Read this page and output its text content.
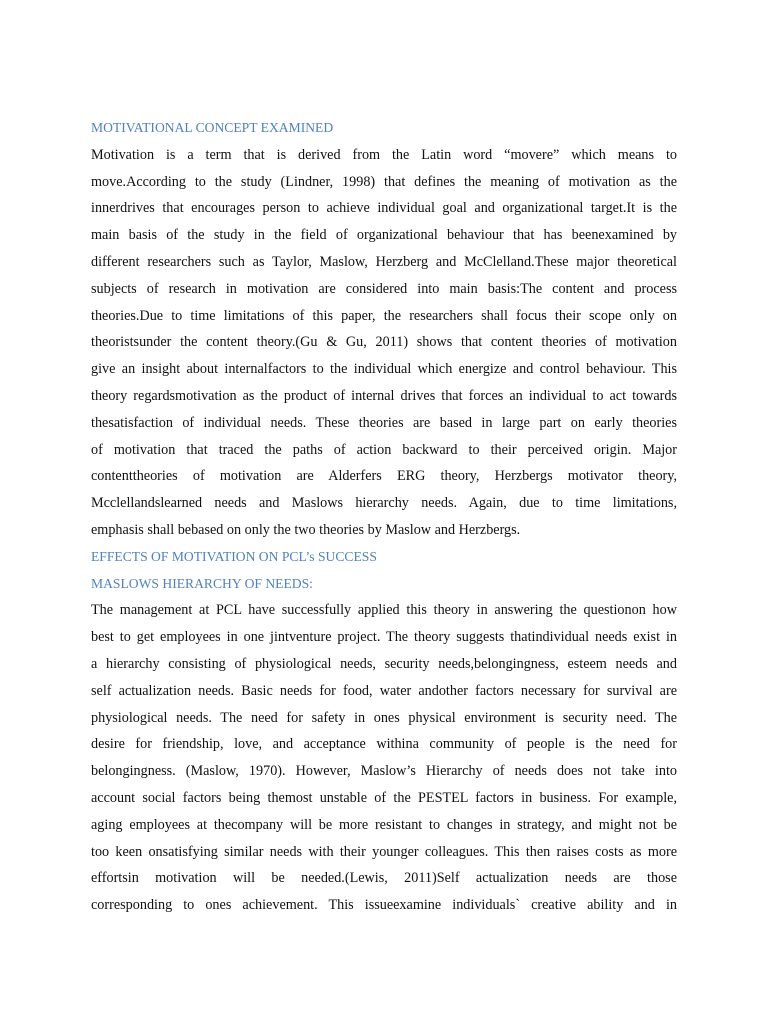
MOTIVATIONAL CONCEPT EXAMINED
Motivation is a term that is derived from the Latin word “movere” which means to
move.According to the study (Lindner, 1998) that defines the meaning of motivation as the
innerdrives that encourages person to achieve individual goal and organizational target.It is the
main basis of the study in the field of organizational behaviour that has beenexamined by
different researchers such as Taylor, Maslow, Herzberg and McClelland.These major theoretical
subjects of research in motivation are considered into main basis:The content and process
theories.Due to time limitations of this paper, the researchers shall focus their scope only on
theoristsunder the content theory.(Gu & Gu, 2011) shows that content theories of motivation
give an insight about internalfactors to the individual which energize and control behaviour. This
theory regardsmotivation as the product of internal drives that forces an individual to act towards
thesatisfaction of individual needs. These theories are based in large part on early theories
of motivation that traced the paths of action backward to their perceived origin. Major
contenttheories of motivation are Alderfers ERG theory, Herzbergs motivator theory,
Mcclellandslearned needs and Maslows hierarchy needs. Again, due to time limitations,
emphasis shall bebased on only the two theories by Maslow and Herzbergs.
EFFECTS OF MOTIVATION ON PCL’s SUCCESS
MASLOWS HIERARCHY OF NEEDS:
The management at PCL have successfully applied this theory in answering the questionon how
best to get employees in one jintventure project. The theory suggests thatindividual needs exist in
a hierarchy consisting of physiological needs, security needs,belongingness, esteem needs and
self actualization needs. Basic needs for food, water andother factors necessary for survival are
physiological needs. The need for safety in ones physical environment is security need. The
desire for friendship, love, and acceptance withina community of people is the need for
belongingness. (Maslow, 1970). However, Maslow’s Hierarchy of needs does not take into
account social factors being themost unstable of the PESTEL factors in business. For example,
aging employees at thecompany will be more resistant to changes in strategy, and might not be
too keen onsatisfying similar needs with their younger colleagues. This then raises costs as more
effortsin motivation will be needed.(Lewis, 2011)Self actualization needs are those
corresponding to ones achievement. This issueexamine individuals` creative ability and in
